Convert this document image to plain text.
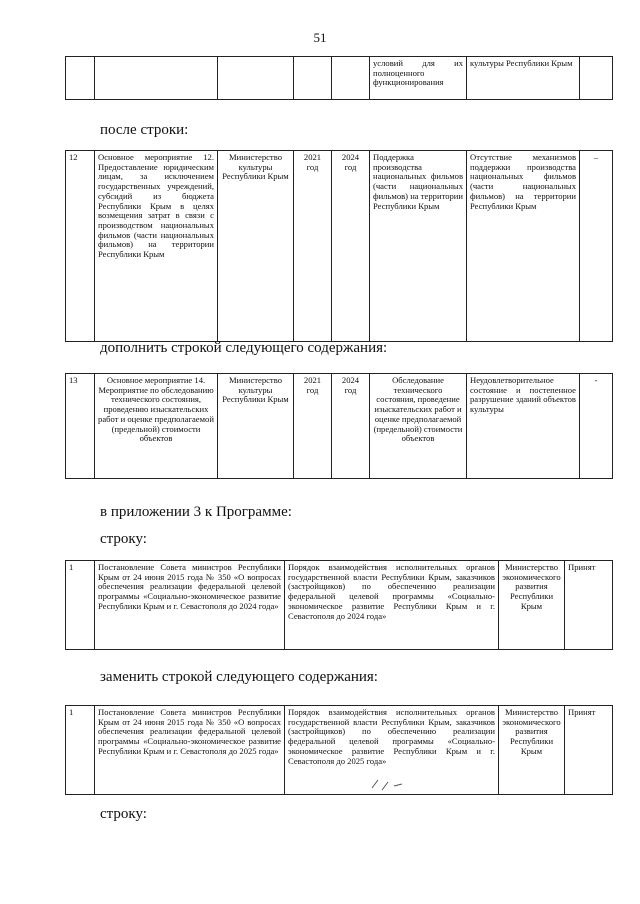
51
					условий для их полноценного функционирования	культуры Республики Крым	
после строки:
12	Основное мероприятие 12. Предоставление юридическим лицам, за исключением государственных учреждений, субсидий из бюджета Республики Крым в целях возмещения затрат в связи с производством национальных фильмов (части национальных фильмов) на территории Республики Крым	Министерство культуры Республики Крым	2021 год	2024 год	Поддержка производства национальных фильмов (части национальных фильмов) на территории Республики Крым	Отсутствие механизмов поддержки производства национальных фильмов (части национальных фильмов) на территории Республики Крым	–
дополнить строкой следующего содержания:
13	Основное мероприятие 14. Мероприятие по обследованию технического состояния, проведению изыскательских работ и оценке предполагаемой (предельной) стоимости объектов	Министерство культуры Республики Крым	2021 год	2024 год	Обследование технического состояния, проведение изыскательских работ и оценке предполагаемой (предельной) стоимости объектов	Неудовлетворительное состояние и постепенное разрушение зданий объектов культуры	-
в приложении 3 к Программе:
строку:
1	Постановление Совета министров Республики Крым от 24 июня 2015 года № 350 «О вопросах обеспечения реализации федеральной целевой программы «Социально-экономическое развитие Республики Крым и г. Севастополя до 2024 года»	Порядок взаимодействия исполнительных органов государственной власти Республики Крым, заказчиков (застройщиков) по обеспечению реализации федеральной целевой программы «Социально-экономическое развитие Республики Крым и г. Севастополя до 2024 года»	Министерство экономического развития Республики Крым	Принят
заменить строкой следующего содержания:
1	Постановление Совета министров Республики Крым от 24 июня 2015 года № 350 «О вопросах обеспечения реализации федеральной целевой программы «Социально-экономическое развитие Республики Крым и г. Севастополя до 2025 года»	Порядок взаимодействия исполнительных органов государственной власти Республики Крым, заказчиков (застройщиков) по обеспечению реализации федеральной целевой программы «Социально-экономическое развитие Республики Крым и г. Севастополя до 2025 года»	Министерство экономического развития Республики Крым	Принят
строку:
